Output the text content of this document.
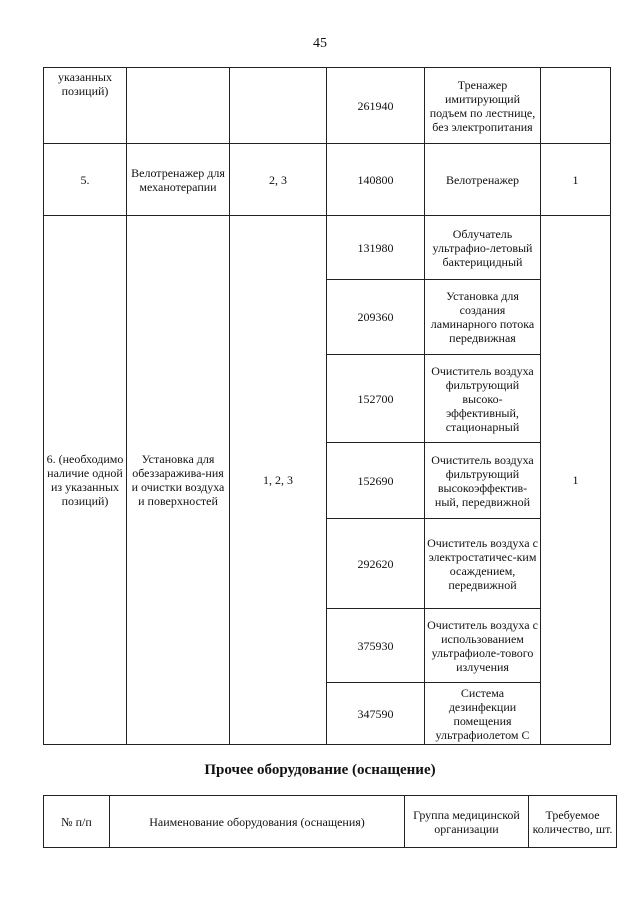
45
указанных позиций)			261940	Тренажер имитирующий подъем по лестнице, без электропитания	
5.	Велотренажер для механотерапии	2, 3	140800	Велотренажер	1
6. (необходимо наличие одной из указанных позиций)	Установка для обеззаражива-ния и очистки воздуха и поверхностей	1, 2, 3	131980	Облучатель ультрафио-летовый бактерицидный	1
			209360	Установка для создания ламинарного потока передвижная	
			152700	Очиститель воздуха фильтрующий высоко-эффективный, стационарный	
			152690	Очиститель воздуха фильтрующий высокоэффектив-ный, передвижной	
			292620	Очиститель воздуха с электростатичес-ким осаждением, передвижной	
			375930	Очиститель воздуха с использованием ультрафиоле-тового излучения	
			347590	Система дезинфекции помещения ультрафиолетом С	
Прочее оборудование (оснащение)
№ п/п	Наименование оборудования (оснащения)	Группа медицинской организации	Требуемое количество, шт.
